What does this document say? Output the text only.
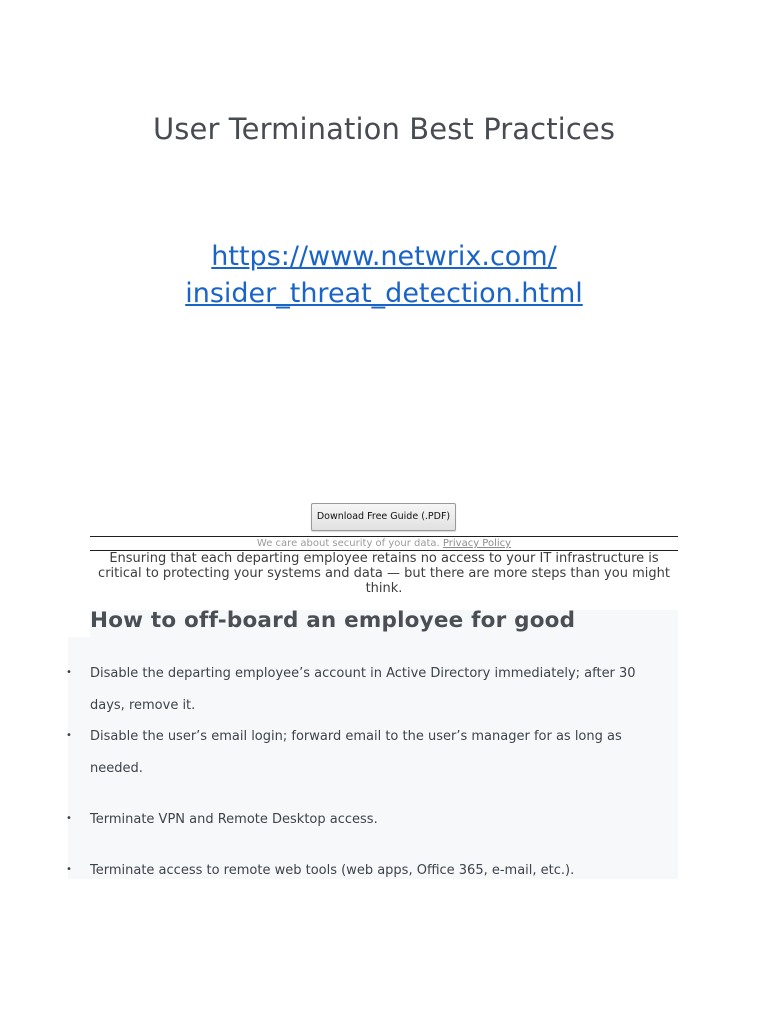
User Termination Best Practices
https://www.netwrix.com/
insider_threat_detection.html
Download Free Guide (.PDF)
We care about security of your data. Privacy Policy

Ensuring that each departing employee retains no access to your IT infrastructure is critical to protecting your systems and data — but there are more steps than you might think.

How to off-board an employee for good
• Disable the departing employee’s account in Active Directory immediately; after 30 days, remove it.
• Disable the user’s email login; forward email to the user’s manager for as long as needed.
• Terminate VPN and Remote Desktop access.
• Terminate access to remote web tools (web apps, Office 365, e-mail, etc.).
